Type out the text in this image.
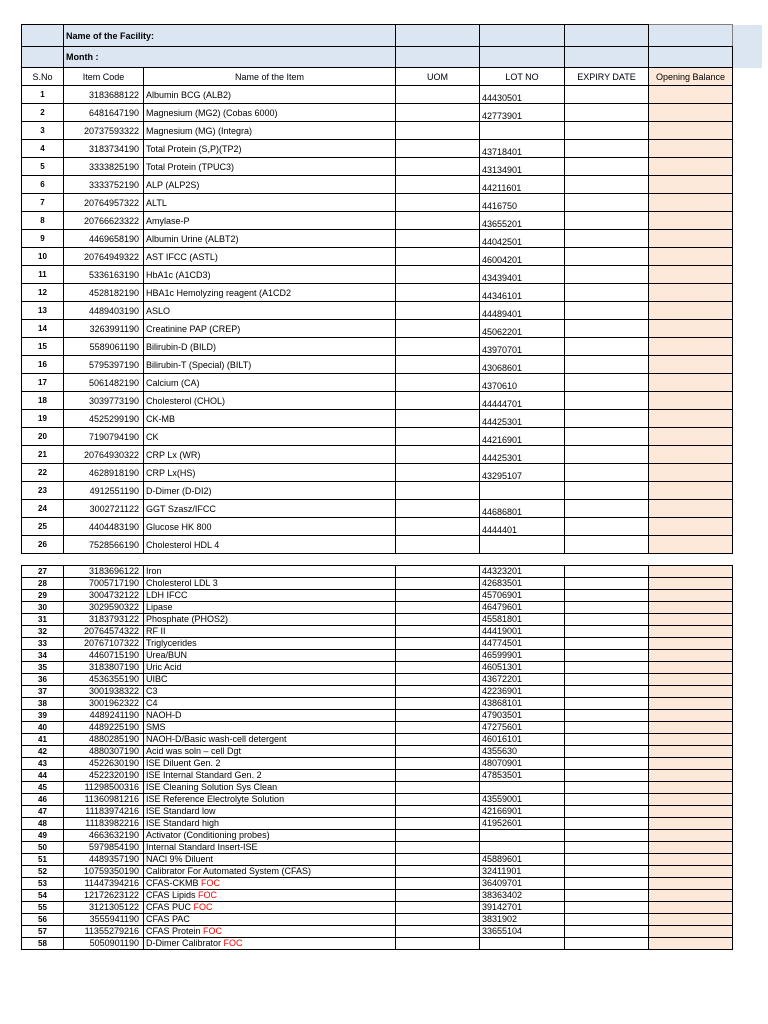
	Name of the Facility:						
	Month :						
S.No	Item Code	Name of the Item	UOM	LOT NO	EXPIRY DATE	Opening Balance	
1	3183688122	Albumin BCG (ALB2)		44430501			
2	6481647190	Magnesium (MG2) (Cobas 6000)		42773901			
3	20737593322	Magnesium (MG) (Integra)					
4	3183734190	Total Protein (S,P)(TP2)		43718401			
5	3333825190	Total Protein (TPUC3)		43134901			
6	3333752190	ALP (ALP2S)		44211601			
7	20764957322	ALTL		4416750			
8	20766623322	Amylase-P		43655201			
9	4469658190	Albumin Urine (ALBT2)		44042501			
10	20764949322	AST IFCC (ASTL)		46004201			
11	5336163190	HbA1c (A1CD3)		43439401			
12	4528182190	HBA1c Hemolyzing reagent (A1CD2		44346101			
13	4489403190	ASLO		44489401			
14	3263991190	Creatinine PAP (CREP)		45062201			
15	5589061190	Bilirubin-D (BILD)		43970701			
16	5795397190	Bilirubin-T (Special) (BILT)		43068601			
17	5061482190	Calcium (CA)		4370610			
18	3039773190	Cholesterol (CHOL)		44444701			
19	4525299190	CK-MB		44425301			
20	7190794190	CK		44216901			
21	20764930322	CRP Lx (WR)		44425301			
22	4628918190	CRP Lx(HS)		43295107			
23	4912551190	D-Dimer (D-DI2)					
24	3002721122	GGT Szasz/IFCC		44686801			
25	4404483190	Glucose HK 800		4444401			
26	7528566190	Cholesterol HDL 4					
27	3183696122	Iron		44323201		
28	7005717190	Cholesterol LDL 3		42683501		
29	3004732122	LDH IFCC		45706901		
30	3029590322	Lipase		46479601		
31	3183793122	Phosphate (PHOS2)		45581801		
32	20764574322	RF II		44419001		
33	20767107322	Triglycerides		44774501		
34	4460715190	Urea/BUN		46599901		
35	3183807190	Uric Acid		46051301		
36	4536355190	UIBC		43672201		
37	3001938322	C3		42236901		
38	3001962322	C4		43868101		
39	4489241190	NAOH-D		47903501		
40	4489225190	SMS		47275601		
41	4880285190	NAOH-D/Basic wash-cell detergent		46016101		
42	4880307190	Acid was soln – cell Dgt		4355630		
43	4522630190	ISE Diluent Gen. 2		48070901		
44	4522320190	ISE Internal Standard Gen. 2		47853501		
45	11298500316	ISE Cleaning Solution Sys Clean				
46	11360981216	ISE Reference Electrolyte Solution		43559001		
47	11183974216	ISE Standard low		42166901		
48	11183982216	ISE Standard high		41952601		
49	4663632190	Activator (Conditioning probes)				
50	5979854190	Internal Standard Insert-ISE				
51	4489357190	NACl 9% Diluent		45889601		
52	10759350190	Calibrator For Automated System (CFAS)		32411901		
53	11447394216	CFAS-CKMB FOC		36409701		
54	12172623122	CFAS Lipids FOC		38363402		
55	3121305122	CFAS PUC FOC		39142701		
56	3555941190	CFAS PAC		3831902		
57	11355279216	CFAS Protein FOC		33655104		
58	5050901190	D-Dimer Calibrator FOC				
